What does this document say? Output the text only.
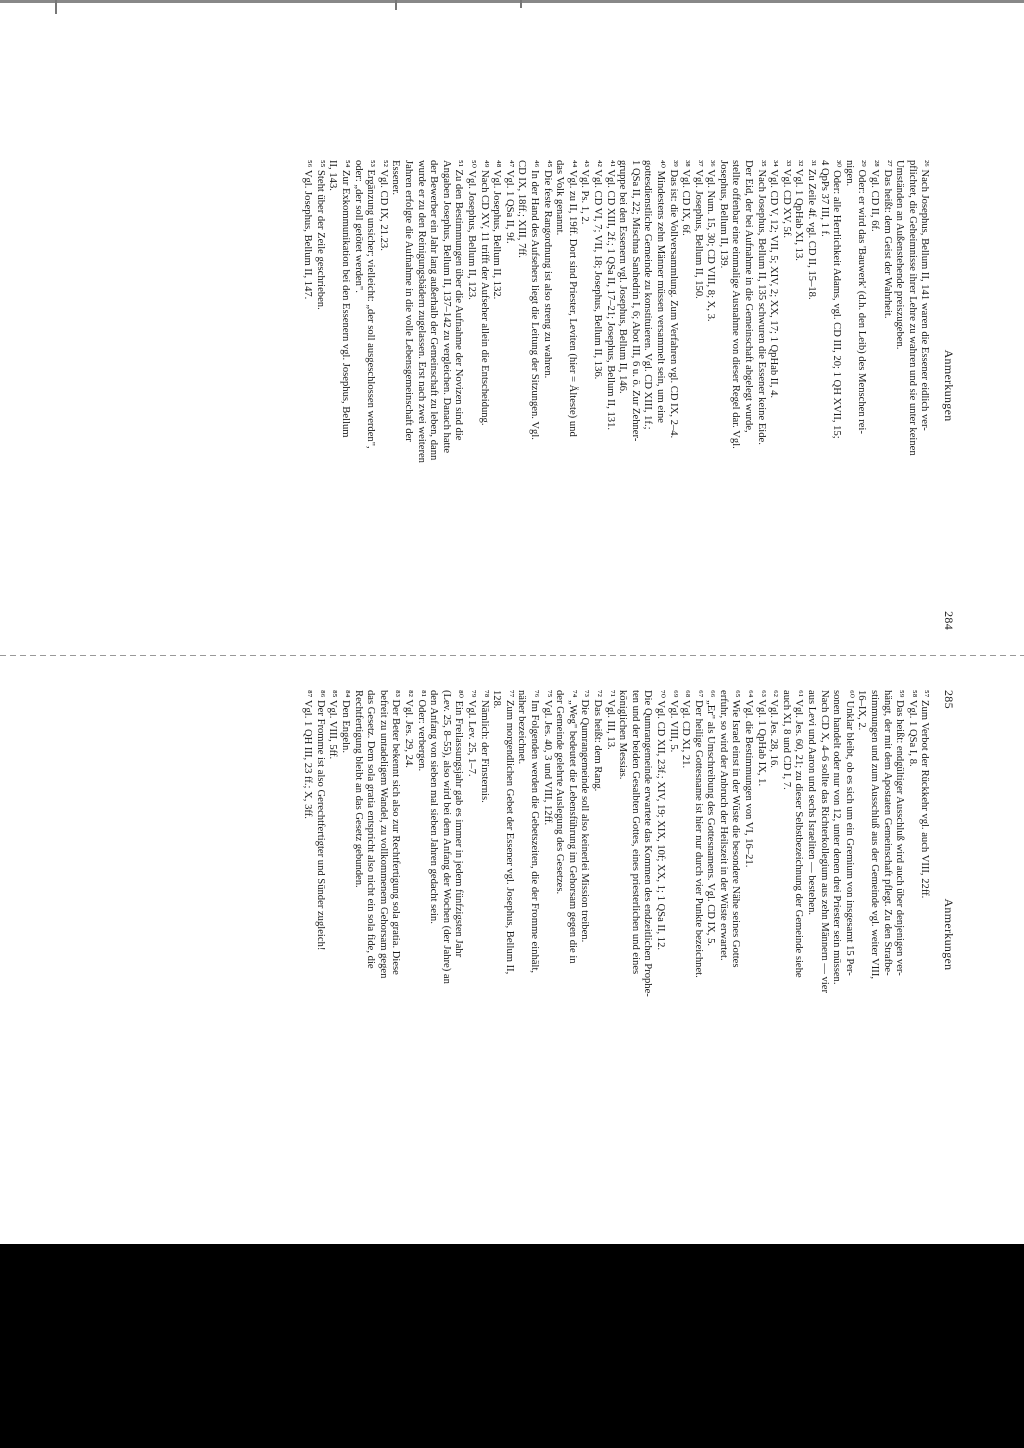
Anmerkungen
284

²⁶ Nach Josephus, Bellum II, 141 waren die Essener eidlich ver-

pflichtet, die Geheimnisse ihrer Lehre zu wahren und sie unter keinen

Umständen an Außenstehende preiszugeben.

²⁷ Das heißt: dem Geist der Wahrheit.

²⁸ Vgl. CD II, 6f.

²⁹ Oder: er wird das 'Bauwerk' (d.h. den Leib) des Menschen rei-

nigen.

³⁰ Oder: alle Herrlichkeit Adams, vgl. CD III, 20; 1 QH XVII, 15;

4 QpPs 37 III, 1 f.

³¹ Zu Zeile 4f. vgl. CD II, 15–18.

³² Vgl. 1 QpHab XI, 13.

³³ Vgl. CD XV, 5f.

³⁴ Vgl. CD V, 12; VII, 5; XIV, 2; XX, 17; 1 QpHab II, 4.

³⁵ Nach Josephus, Bellum II, 135 schwuren die Essener keine Eide.

Der Eid, der bei Aufnahme in die Gemeinschaft abgelegt wurde,

stellte offenbar eine einmalige Ausnahme von dieser Regel dar. Vgl.

Josephus, Bellum II, 139.

³⁶ Vgl. Num. 15, 30; CD VIII, 8; X, 3.

³⁷ Vgl. Josephus, Bellum II, 150.

³⁸ Vgl. CD IX, 6f.

³⁹ Das ist: die Vollversammlung. Zum Verfahren vgl. CD IX, 2–4.

⁴⁰ Mindestens zehn Männer müssen versammelt sein, um eine

gottesdienstliche Gemeinde zu konstituieren. Vgl. CD XIII, 1f.;

1 QSa II, 22; Mischna Sanhedrin I, 6; Abot III, 6 u. ö. Zur Zehner-

gruppe bei den Essenern vgl. Josephus, Bellum II, 146.

⁴¹ Vgl. CD XIII, 2f.; 1 QSa II, 17–21; Josephus, Bellum II, 131.

⁴² Vgl. CD VI, 7; VII, 18; Josephus, Bellum II, 136.

⁴³ Vgl. Ps. 1, 2.

⁴⁴ Vgl. zu II, 19ff. Dort sind Priester, Leviten (hier = Älteste) und

das Volk genannt.

⁴⁵ Die feste Rangordnung ist also streng zu wahren.

⁴⁶ In der Hand des Aufsehers liegt die Leitung der Sitzungen. Vgl.

CD IX, 18ff.; XIII, 7ff.

⁴⁷ Vgl. 1 QSa II, 9f.

⁴⁸ Vgl. Josephus, Bellum II, 132.

⁴⁹ Nach CD XV, 11 trifft der Aufseher allein die Entscheidung.

⁵⁰ Vgl. Josephus, Bellum II, 123.

⁵¹ Zu den Bestimmungen über die Aufnahme der Novizen sind die

Angaben Josephus, Bellum II, 137–142 zu vergleichen. Danach hatte

der Bewerber ein Jahr lang außerhalb der Gemeinschaft zu leben, dann

wurde er zu den Reinigungsbädern zugelassen. Erst nach zwei weiteren

Jahren erfolgte die Aufnahme in die volle Lebensgemeinschaft der

Essener.

⁵² Vgl. CD IX, 21.23.

⁵³ Ergänzung unsicher; vielleicht: „der soll ausgeschlossen werden",

oder: „der soll getötet werden".

⁵⁴ Zur Exkommunikation bei den Essenern vgl. Josephus, Bellum

II, 143.

⁵⁵ Steht über der Zeile geschrieben.

⁵⁶ Vgl. Josephus, Bellum II, 147.

285
Anmerkungen

⁵⁷ Zum Verbot der Rückkehr vgl. auch VIII, 22ff.

⁵⁸ Vgl. 1 QSa I, 8.

⁵⁹ Das heißt: endgültiger Ausschluß wird auch über denjenigen ver-

hängt, der mit dem Apostaten Gemeinschaft pflegt. Zu den Strafbe-

stimmungen und zum Ausschluß aus der Gemeinde vgl. weiter VIII,

16–IX, 2.

⁶⁰ Unklar bleibt, ob es sich um ein Gremium von insgesamt 15 Per-

sonen handelt oder nur von 12, unter denen drei Priester sein müssen.

Nach CD X, 4–6 sollte das Richterkollegium aus zehn Männern — vier

aus Levi und Aaron und sechs Israeliten — bestehen.

⁶¹ Vgl. Jes. 60, 21; zu dieser Selbstbezeichnung der Gemeinde siehe

auch XI, 8 und CD I, 7.

⁶² Vgl. Jes. 28, 16.

⁶³ Vgl. 1 QpHab IX, 1.

⁶⁴ Vgl. die Bestimmungen von VI, 16–21.

⁶⁵ Wie Israel einst in der Wüste die besondere Nähe seines Gottes

erfuhr, so wird der Anbruch der Heilszeit in der Wüste erwartet.

⁶⁶ „Er" als Umschreibung des Gottesnamens. Vgl. CD IX, 5.

⁶⁷ Der heilige Gottesname ist hier nur durch vier Punkte bezeichnet.

⁶⁸ Vgl. CD XI, 21.

⁶⁹ Vgl. VIII, 5.

⁷⁰ Vgl. CD XII, 23f.; XIV, 19; XIX, 10f; XX, 1; 1 QSa II, 12.

Die Qumrangemeinde erwartete das Kommen des endzeitlichen Prophe-

ten und der beiden Gesalbten Gottes, eines priesterlichen und eines

königlichen Messias.

⁷¹ Vgl. III, 13.

⁷² Das heißt: dem Rang.

⁷³ Die Qumrangemeinde soll also keinerlei Mission treiben.

⁷⁴ „Weg" bedeutet die Lebensführung im Gehorsam gegen die in

der Gemeinde gelehrte Auslegung des Gesetzes.

⁷⁵ Vgl. Jes. 40, 3 und VIII, 12ff.

⁷⁶ Im Folgenden werden die Gebetszeiten, die der Fromme einhält,

näher bezeichnet.

⁷⁷ Zum morgendlichen Gebet der Essener vgl. Josephus, Bellum II,

128.

⁷⁸ Nämlich: der Finsternis.

⁷⁹ Vgl. Lev. 25, 1–7.

⁸⁰ Ein Freilassungsjahr gab es immer in jedem fünfzigsten Jahr

(Lev. 25, 8–55), also wird bei dem Anfang der Wochen (der Jahre) an

den Anfang von sieben mal sieben Jahren gedacht sein.

⁸¹ Oder: verbergen.

⁸² Vgl. Jes. 29, 24.

⁸³ Der Beter bekennt sich also zur Rechtfertigung sola gratia. Diese

befreit zu untadeligem Wandel, zu vollkommenem Gehorsam gegen

das Gesetz. Dem sola gratia entspricht also nicht ein sola fide, die

Rechtfertigung bleibt an das Gesetz gebunden.

⁸⁴ Den Engeln.

⁸⁵ Vgl. VIII, 5ff.

⁸⁶ Der Fromme ist also Gerechtfertigter und Sünder zugleich!

⁸⁷ Vgl. 1 QH III, 23 ff.; X, 3ff.
